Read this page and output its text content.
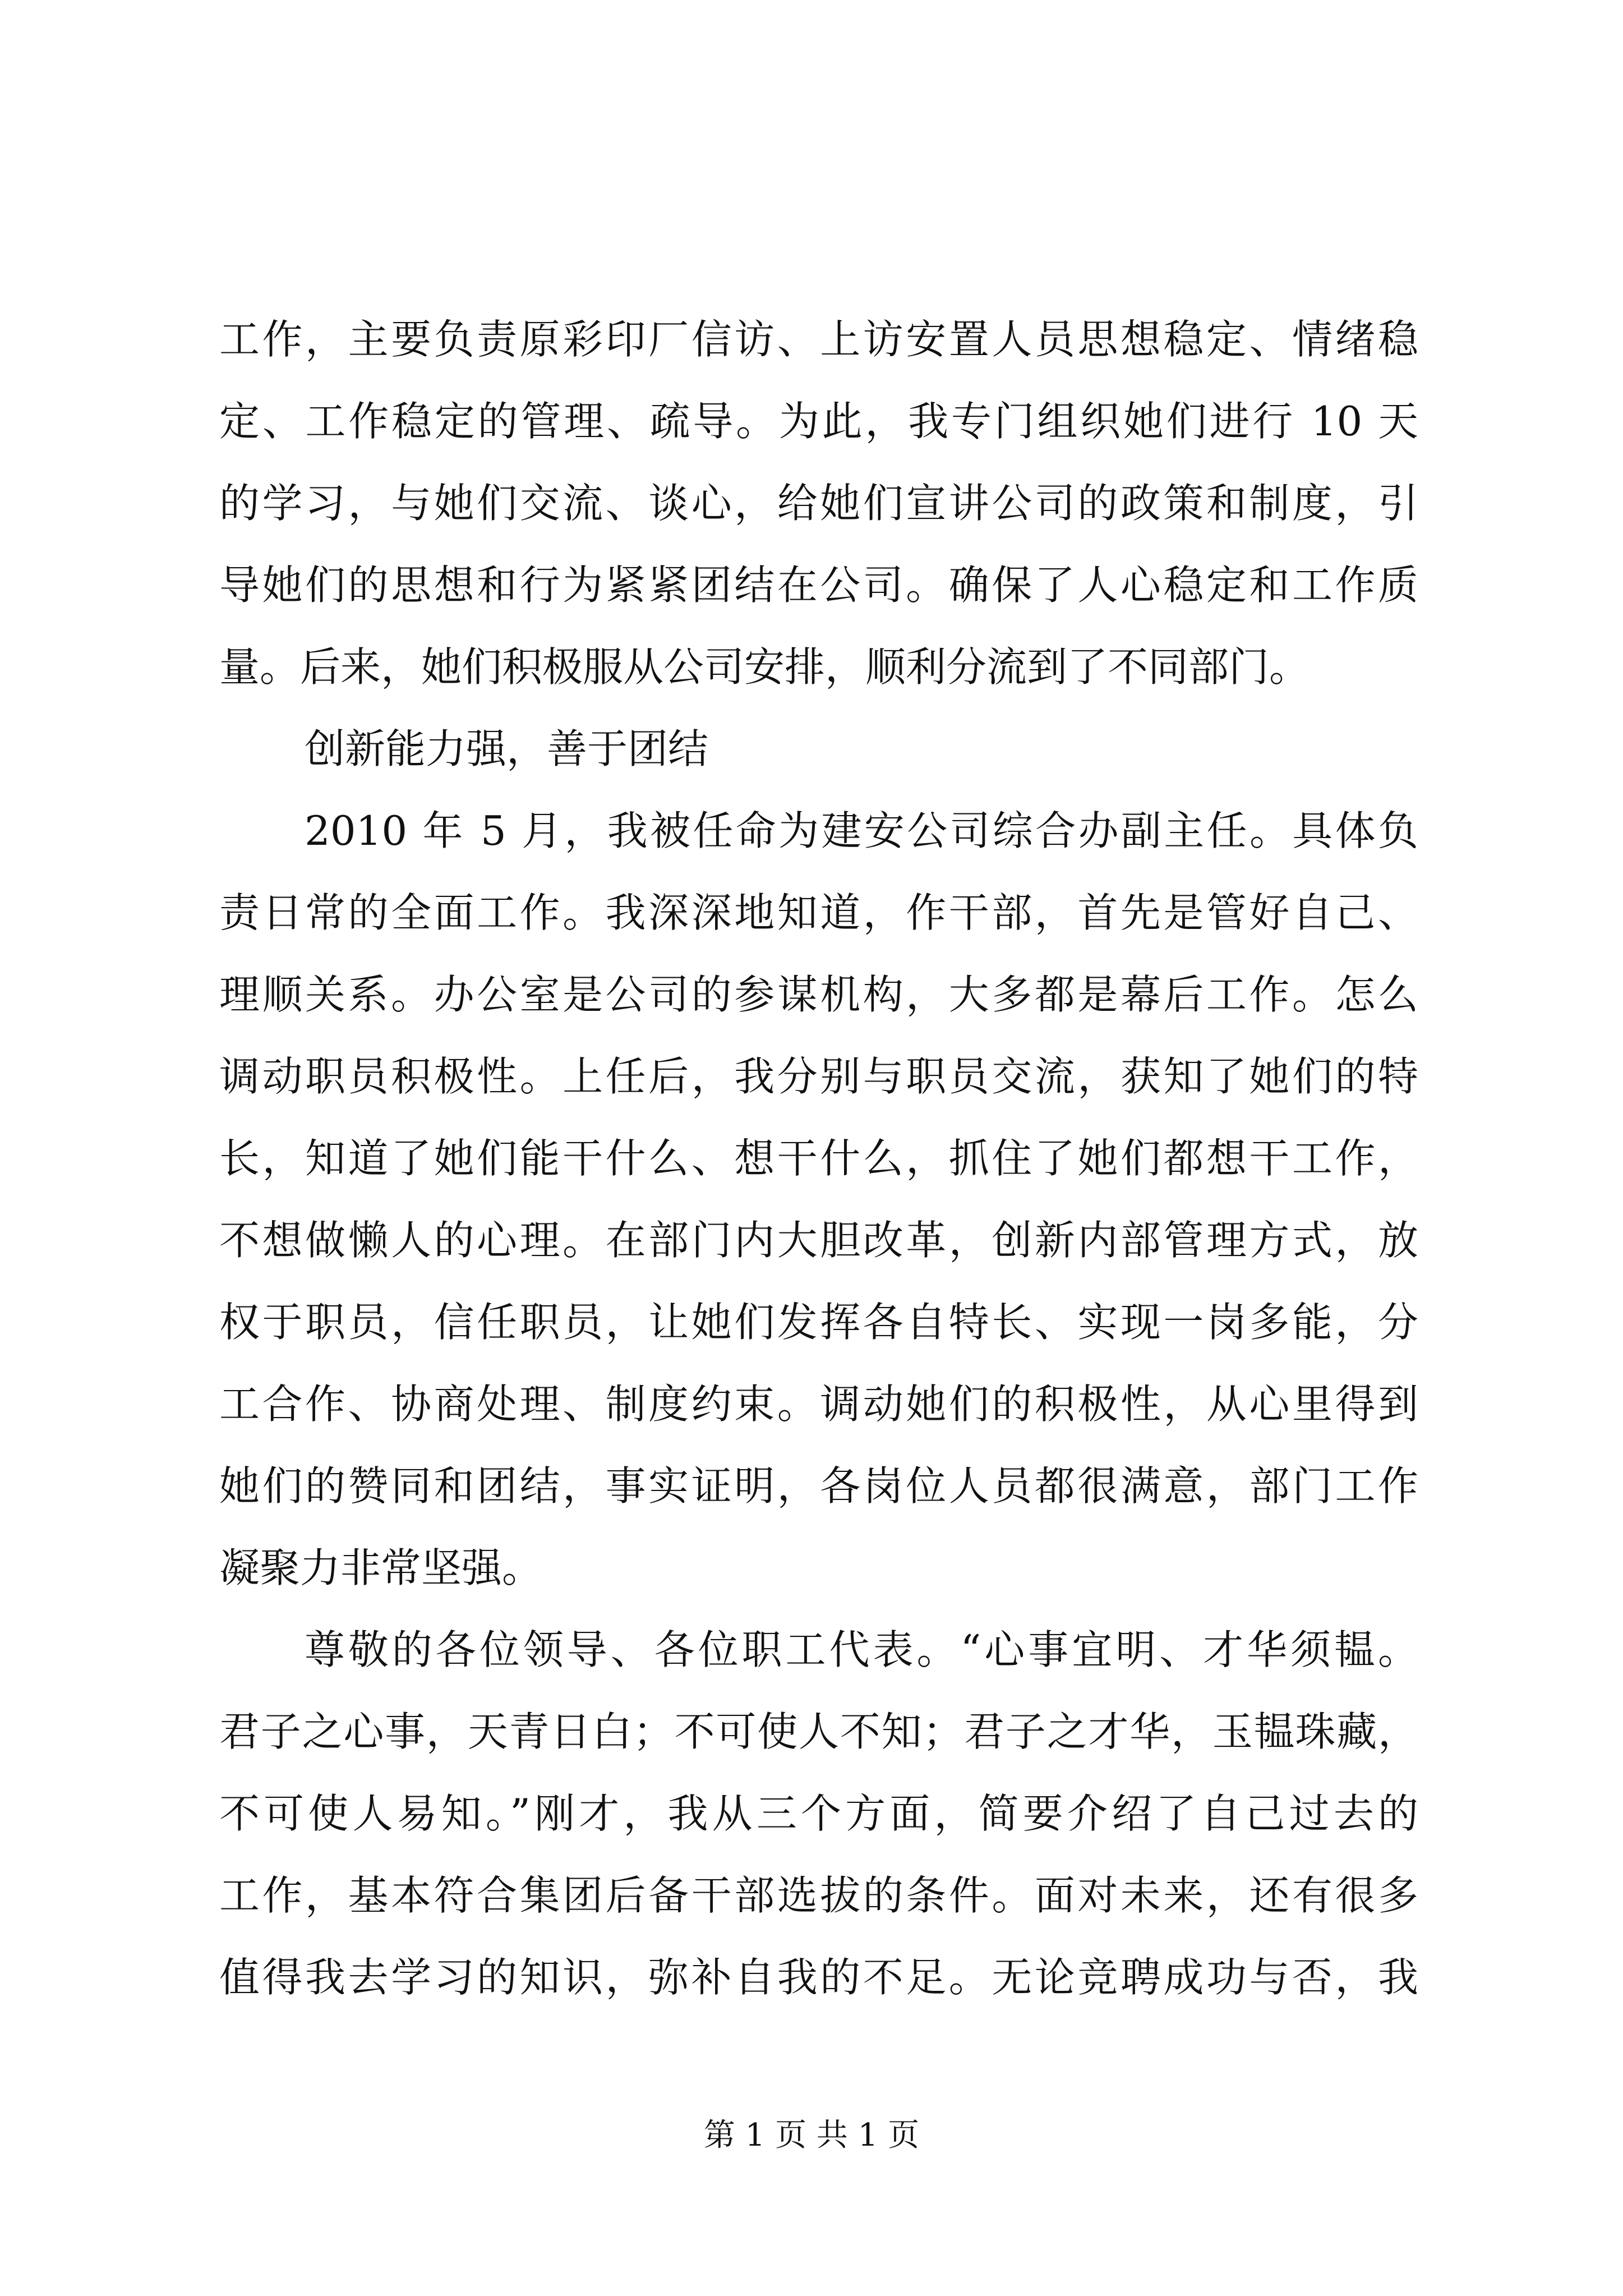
工作，主要负责原彩印厂信访、上访安置人员思想稳定、情绪稳
定、工作稳定的管理、疏导。为此，我专门组织她们进行 10 天
的学习，与她们交流、谈心，给她们宣讲公司的政策和制度，引
导她们的思想和行为紧紧团结在公司。确保了人心稳定和工作质
量。后来，她们积极服从公司安排，顺利分流到了不同部门。
创新能力强，善于团结
2010 年 5 月，我被任命为建安公司综合办副主任。具体负
责日常的全面工作。我深深地知道，作干部，首先是管好自己、
理顺关系。办公室是公司的参谋机构，大多都是幕后工作。怎么
调动职员积极性。上任后，我分别与职员交流，获知了她们的特
长，知道了她们能干什么、想干什么，抓住了她们都想干工作，
不想做懒人的心理。在部门内大胆改革，创新内部管理方式，放
权于职员，信任职员，让她们发挥各自特长、实现一岗多能，分
工合作、协商处理、制度约束。调动她们的积极性，从心里得到
她们的赞同和团结，事实证明，各岗位人员都很满意，部门工作
凝聚力非常坚强。
尊敬的各位领导、各位职工代表。“心事宜明、才华须韫。
君子之心事，天青日白；不可使人不知；君子之才华，玉韫珠藏，
不可使人易知。”刚才，我从三个方面，简要介绍了自己过去的
工作，基本符合集团后备干部选拔的条件。面对未来，还有很多
值得我去学习的知识，弥补自我的不足。无论竞聘成功与否，我
第 1 页 共 1 页
